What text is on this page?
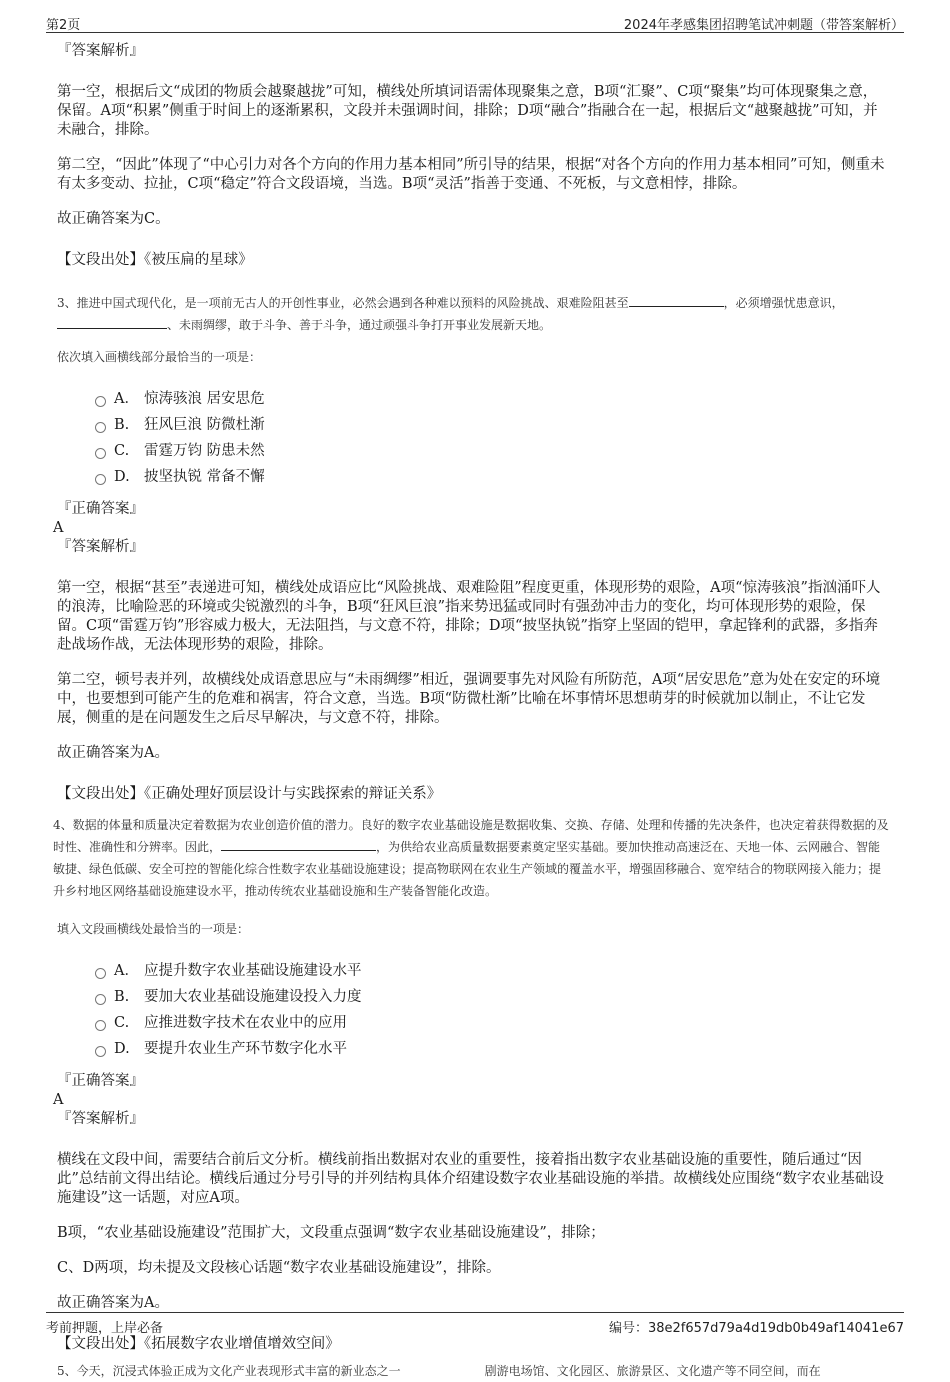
第2页	2024年孝感集团招聘笔试冲刺题（带答案解析）

『答案解析』

第一空，根据后文“成团的物质会越聚越拢”可知，横线处所填词语需体现聚集之意，B项“汇聚”、C项“聚集”均可体现聚集之意，保留。A项“积累”侧重于时间上的逐渐累积，文段并未强调时间，排除；D项“融合”指融合在一起，根据后文“越聚越拢”可知，并未融合，排除。

第二空，“因此”体现了“中心引力对各个方向的作用力基本相同”所引导的结果，根据“对各个方向的作用力基本相同”可知，侧重未有太多变动、拉扯，C项“稳定”符合文段语境，当选。B项“灵活”指善于变通、不死板，与文意相悖，排除。

故正确答案为C。

【文段出处】《被压扁的星球》

3、推进中国式现代化，是一项前无古人的开创性事业，必然会遇到各种难以预料的风险挑战、艰难险阻甚至	，必须增强忧患意识，、未雨绸缪，敢于斗争、善于斗争，通过顽强斗争打开事业发展新天地。

依次填入画横线部分最恰当的一项是：

A． 惊涛骇浪 居安思危
B. 狂风巨浪 防微杜渐
C. 雷霆万钧 防患未然
D. 披坚执锐 常备不懈

『正确答案』

A

『答案解析』

第一空，根据“甚至”表递进可知，横线处成语应比“风险挑战、艰难险阻”程度更重，体现形势的艰险，A项“惊涛骇浪”指汹涌吓人的浪涛，比喻险恶的环境或尖锐激烈的斗争，B项“狂风巨浪”指来势迅猛或同时有强劲冲击力的变化，均可体现形势的艰险，保留。C项“雷霆万钧”形容威力极大，无法阻挡，与文意不符，排除；D项“披坚执锐”指穿上坚固的铠甲，拿起锋利的武器，多指奔赴战场作战，无法体现形势的艰险，排除。

第二空，顿号表并列，故横线处成语意思应与“未雨绸缪”相近，强调要事先对风险有所防范，A项“居安思危”意为处在安定的环境中，也要想到可能产生的危难和祸害，符合文意，当选。B项“防微杜渐”比喻在坏事情坏思想萌芽的时候就加以制止，不让它发展，侧重的是在问题发生之后尽早解决，与文意不符，排除。

故正确答案为A。

【文段出处】《正确处理好顶层设计与实践探索的辩证关系》

4、数据的体量和质量决定着数据为农业创造价值的潜力。良好的数字农业基础设施是数据收集、交换、存储、处理和传播的先决条件，也决定着获得数据的及时性、准确性和分辨率。因此，	，为供给农业高质量数据要素奠定坚实基础。要加快推动高速泛在、天地一体、云网融合、智能敏捷、绿色低碳、安全可控的智能化综合性数字农业基础设施建设；提高物联网在农业生产领域的覆盖水平，增强固移融合、宽窄结合的物联网接入能力；提升乡村地区网络基础设施建设水平，推动传统农业基础设施和生产装备智能化改造。

填入文段画横线处最恰当的一项是：

A． 应提升数字农业基础设施建设水平
B. 要加大农业基础设施建设投入力度
C. 应推进数字技术在农业中的应用
D. 要提升农业生产环节数字化水平

『正确答案』

A

『答案解析』

横线在文段中间，需要结合前后文分析。横线前指出数据对农业的重要性，接着指出数字农业基础设施的重要性，随后通过“因此”总结前文得出结论。横线后通过分号引导的并列结构具体介绍建设数字农业基础设施的举措。故横线处应围绕“数字农业基础设施建设”这一话题，对应A项。

B项，“农业基础设施建设”范围扩大，文段重点强调“数字农业基础设施建设”，排除；

C、D两项，均未提及文段核心话题“数字农业基础设施建设”，排除。

故正确答案为A。

【文段出处】《拓展数字农业增值增效空间》

5、今天，沉浸式体验正成为文化产业表现形式丰富的新业态之一	剧游电场馆、文化园区、旅游景区、文化遗产等不同空间，而在

考前押题，上岸必备	编号：38e2f657d79a4d19db0b49af14041e67
